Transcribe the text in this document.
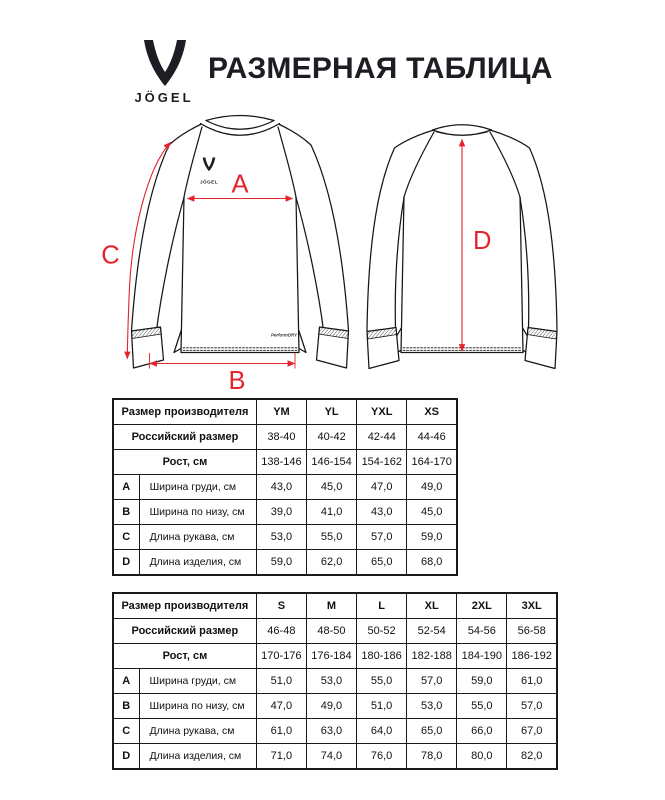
JÖGEL
РАЗМЕРНАЯ ТАБЛИЦА
JÖGEL
PerformDRY
A
B
C
D
Размер производителя		YM	YL	YXL	XS
Российский размер		38-40	40-42	42-44	44-46
Рост, см		138-146	146-154	154-162	164-170
A	Ширина груди, см	43,0	45,0	47,0	49,0
B	Ширина по низу, см	39,0	41,0	43,0	45,0
C	Длина рукава, см	53,0	55,0	57,0	59,0
D	Длина изделия, см	59,0	62,0	65,0	68,0
Размер производителя		S	M	L	XL	2XL	3XL
Российский размер		46-48	48-50	50-52	52-54	54-56	56-58
Рост, см		170-176	176-184	180-186	182-188	184-190	186-192
A	Ширина груди, см	51,0	53,0	55,0	57,0	59,0	61,0
B	Ширина по низу, см	47,0	49,0	51,0	53,0	55,0	57,0
C	Длина рукава, см	61,0	63,0	64,0	65,0	66,0	67,0
D	Длина изделия, см	71,0	74,0	76,0	78,0	80,0	82,0
